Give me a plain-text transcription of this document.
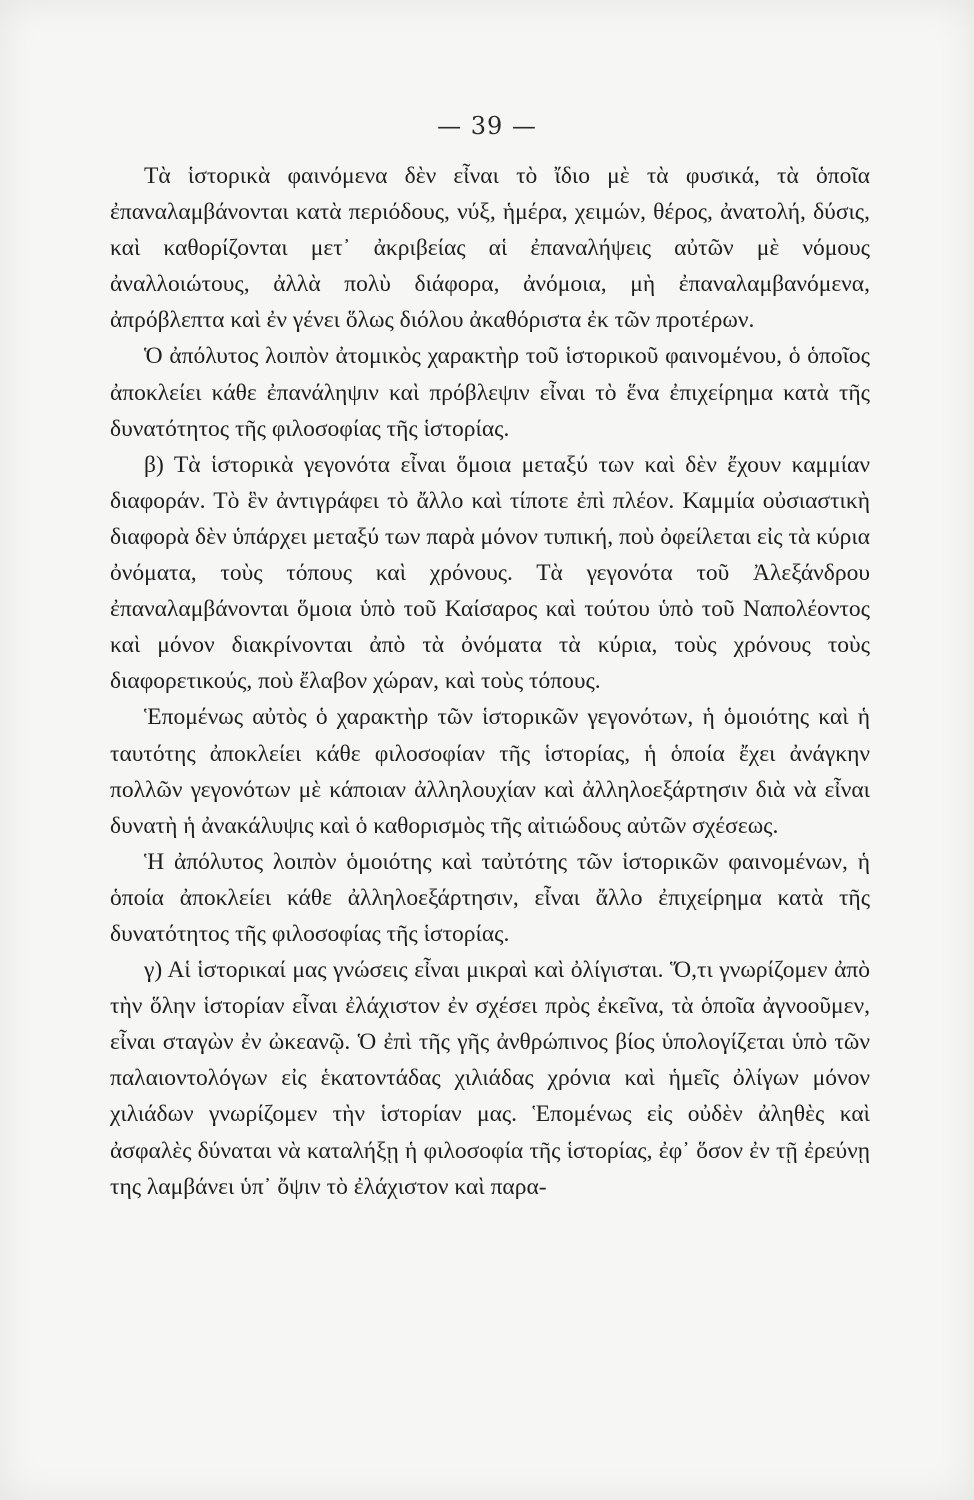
— 39 —

Τὰ ἱστορικὰ φαινόμενα δὲν εἶναι τὸ ἴδιο μὲ τὰ φυσικά, τὰ ὁποῖα ἐπαναλαμβάνονται κατὰ περιόδους, νύξ, ἡμέρα, χειμών, θέρος, ἀνατολή, δύσις, καὶ καθορίζονται μετ᾽ ἀκριβείας αἱ ἐπαναλήψεις αὐτῶν μὲ νόμους ἀναλλοιώτους, ἀλλὰ πολὺ διάφορα, ἀνόμοια, μὴ ἐπαναλαμβανόμενα, ἀπρόβλεπτα καὶ ἐν γένει ὅλως διόλου ἀκαθόριστα ἐκ τῶν προτέρων.

Ὁ ἀπόλυτος λοιπὸν ἀτομικὸς χαρακτὴρ τοῦ ἱστορικοῦ φαινομένου, ὁ ὁποῖος ἀποκλείει κάθε ἐπανάληψιν καὶ πρόβλεψιν εἶναι τὸ ἕνα ἐπιχείρημα κατὰ τῆς δυνατότητος τῆς φιλοσοφίας τῆς ἱστορίας.

β) Τὰ ἱστορικὰ γεγονότα εἶναι ὅμοια μεταξύ των καὶ δὲν ἔχουν καμμίαν διαφοράν. Τὸ ἓν ἀντιγράφει τὸ ἄλλο καὶ τίποτε ἐπὶ πλέον. Καμμία οὐσιαστικὴ διαφορὰ δὲν ὑπάρχει μεταξύ των παρὰ μόνον τυπική, ποὺ ὀφείλεται εἰς τὰ κύρια ὀνόματα, τοὺς τόπους καὶ χρόνους. Τὰ γεγονότα τοῦ Ἀλεξάνδρου ἐπαναλαμβάνονται ὅμοια ὑπὸ τοῦ Καίσαρος καὶ τούτου ὑπὸ τοῦ Ναπολέοντος καὶ μόνον διακρίνονται ἀπὸ τὰ ὀνόματα τὰ κύρια, τοὺς χρόνους τοὺς διαφορετικούς, ποὺ ἔλαβον χώραν, καὶ τοὺς τόπους.

Ἑπομένως αὐτὸς ὁ χαρακτὴρ τῶν ἱστορικῶν γεγονότων, ἡ ὁμοιότης καὶ ἡ ταυτότης ἀποκλείει κάθε φιλοσοφίαν τῆς ἱστορίας, ἡ ὁποία ἔχει ἀνάγκην πολλῶν γεγονότων μὲ κάποιαν ἀλληλουχίαν καὶ ἀλληλοεξάρτησιν διὰ νὰ εἶναι δυνατὴ ἡ ἀνακάλυψις καὶ ὁ καθορισμὸς τῆς αἰτιώδους αὐτῶν σχέσεως.

Ἡ ἀπόλυτος λοιπὸν ὁμοιότης καὶ ταὐτότης τῶν ἱστορικῶν φαινομένων, ἡ ὁποία ἀποκλείει κάθε ἀλληλοεξάρτησιν, εἶναι ἄλλο ἐπιχείρημα κατὰ τῆς δυνατότητος τῆς φιλοσοφίας τῆς ἱστορίας.

γ) Αἱ ἱστορικαί μας γνώσεις εἶναι μικραὶ καὶ ὀλίγισται. Ὅ,τι γνωρίζομεν ἀπὸ τὴν ὅλην ἱστορίαν εἶναι ἐλάχιστον ἐν σχέσει πρὸς ἐκεῖνα, τὰ ὁποῖα ἀγνοοῦμεν, εἶναι σταγὼν ἐν ὠκεανῷ. Ὁ ἐπὶ τῆς γῆς ἀνθρώπινος βίος ὑπολογίζεται ὑπὸ τῶν παλαιοντολόγων εἰς ἑκατοντάδας χιλιάδας χρόνια καὶ ἡμεῖς ὀλίγων μόνον χιλιάδων γνωρίζομεν τὴν ἱστορίαν μας. Ἑπομένως εἰς οὐδὲν ἀληθὲς καὶ ἀσφαλὲς δύναται νὰ καταλήξῃ ἡ φιλοσοφία τῆς ἱστορίας, ἐφ᾽ ὅσον ἐν τῇ ἐρεύνῃ της λαμβάνει ὑπ᾽ ὄψιν τὸ ἐλάχιστον καὶ παρα-
